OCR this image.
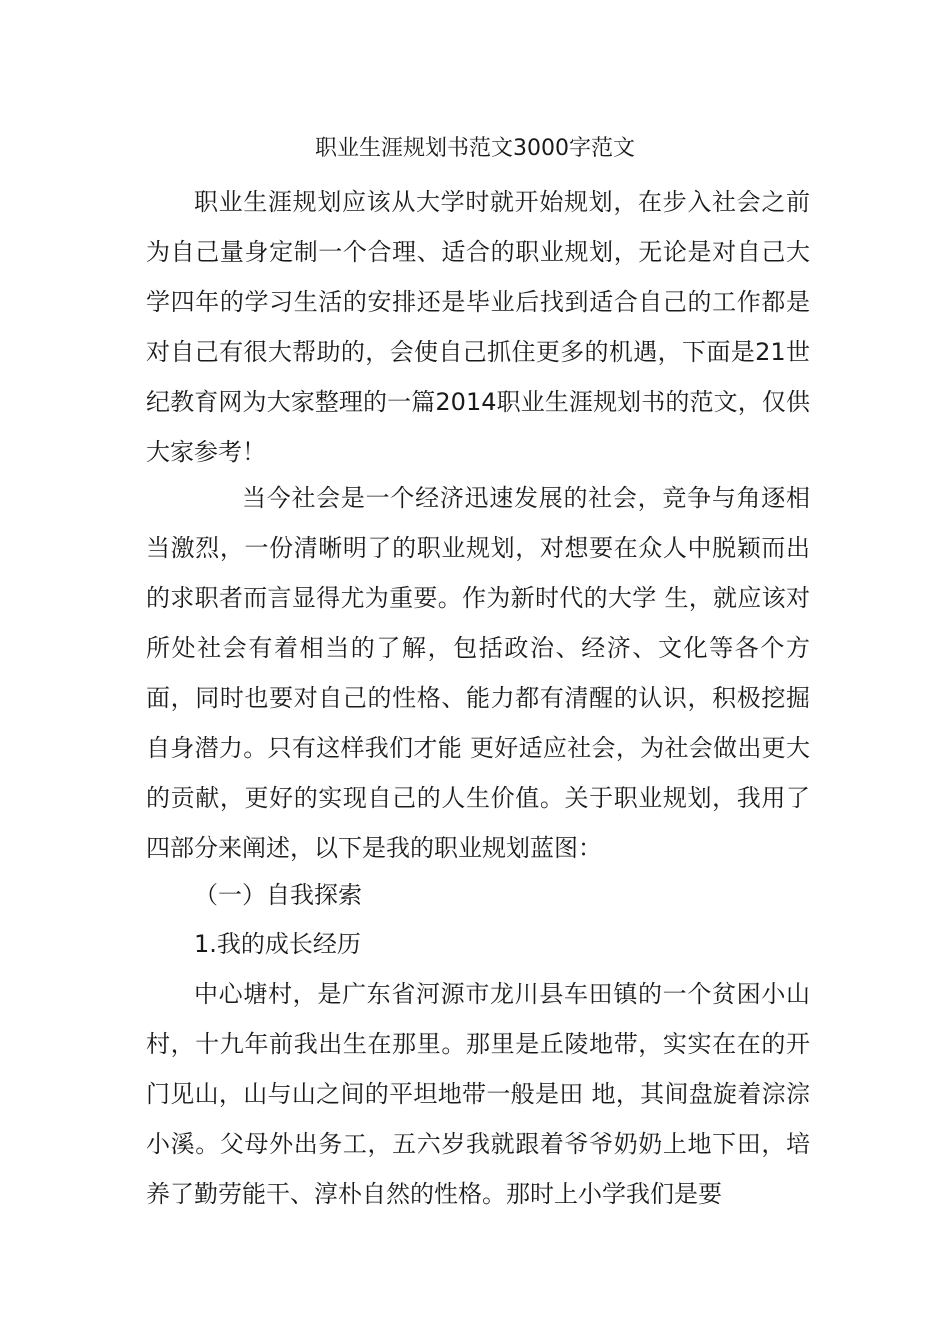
职业生涯规划书范文3000字范文

职业生涯规划应该从大学时就开始规划，在步入社会之前为自己量身定制一个合理、适合的职业规划，无论是对自己大学四年的学习生活的安排还是毕业后找到适合自己的工作都是对自己有很大帮助的，会使自己抓住更多的机遇，下面是21世纪教育网为大家整理的一篇2014职业生涯规划书的范文，仅供大家参考！

当今社会是一个经济迅速发展的社会，竞争与角逐相当激烈，一份清晰明了的职业规划，对想要在众人中脱颖而出的求职者而言显得尤为重要。作为新时代的大学 生，就应该对所处社会有着相当的了解，包括政治、经济、文化等各个方面，同时也要对自己的性格、能力都有清醒的认识，积极挖掘自身潜力。只有这样我们才能 更好适应社会，为社会做出更大的贡献，更好的实现自己的人生价值。关于职业规划，我用了四部分来阐述，以下是我的职业规划蓝图：

（一）自我探索

1.我的成长经历

中心塘村，是广东省河源市龙川县车田镇的一个贫困小山村，十九年前我出生在那里。那里是丘陵地带，实实在在的开门见山，山与山之间的平坦地带一般是田 地，其间盘旋着淙淙小溪。父母外出务工，五六岁我就跟着爷爷奶奶上地下田，培养了勤劳能干、淳朴自然的性格。那时上小学我们是要
